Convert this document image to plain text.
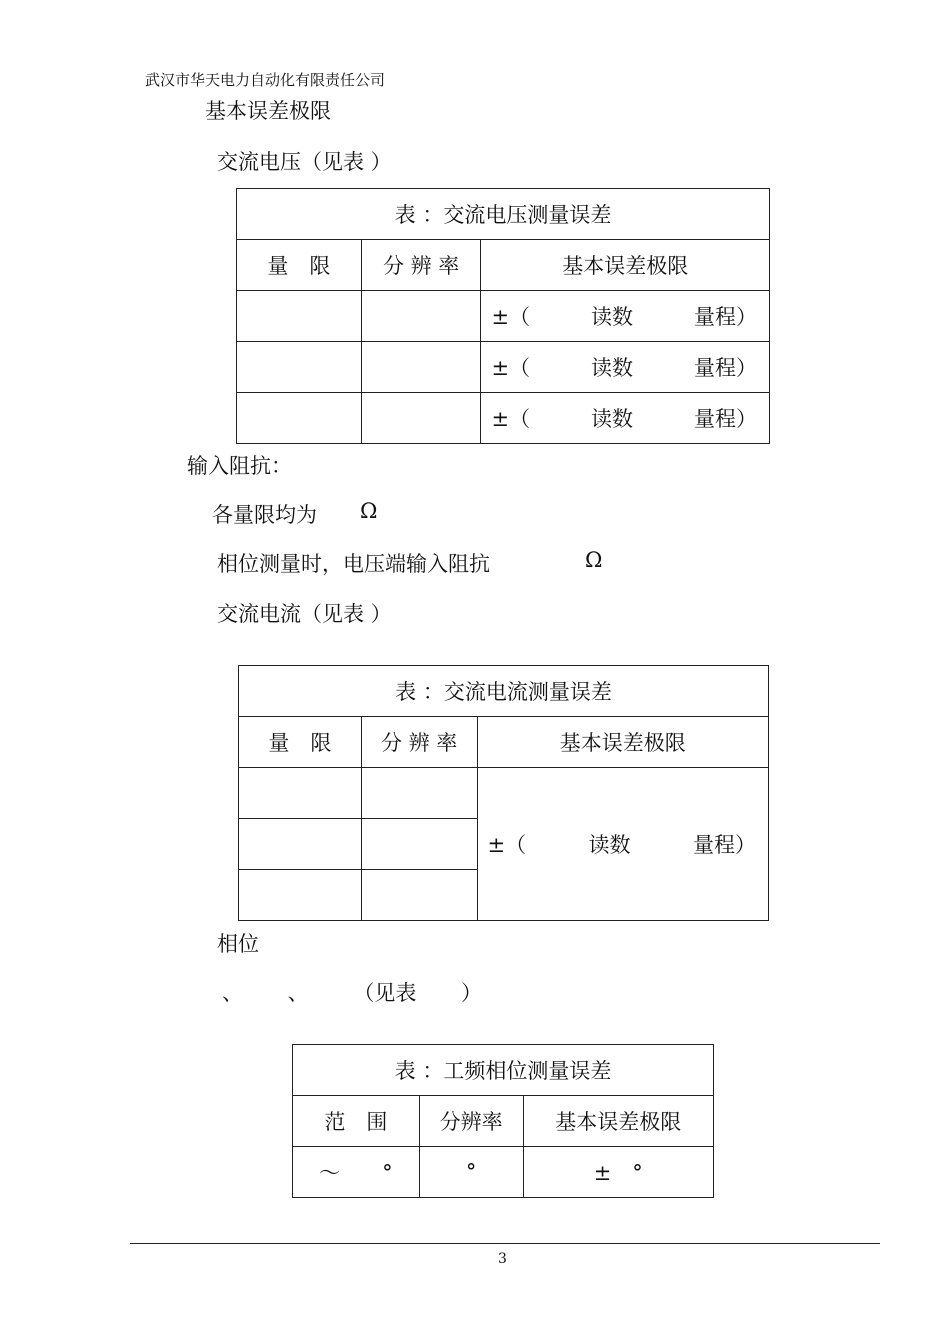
武汉市华天电力自动化有限责任公司
基本误差极限
交流电压（见表 ）
表 ：交流电压测量误差		
量　限	分 辨 率	基本误差极限

		±（ 读数 量程）

		±（ 读数 量程）

		±（ 读数 量程）
输入阻抗：
各量限均为 Ω
相位测量时，电压端输入阻抗	Ω
交流电流（见表 ）
表 ：交流电流测量误差		
量　限	分 辨 率	基本误差极限

		±（ 读数 量程）

相位
、 、 （见表 ）
表 ：工频相位测量误差		
范　围	分辨率	基本误差极限
～　　°	°	±　°
3
